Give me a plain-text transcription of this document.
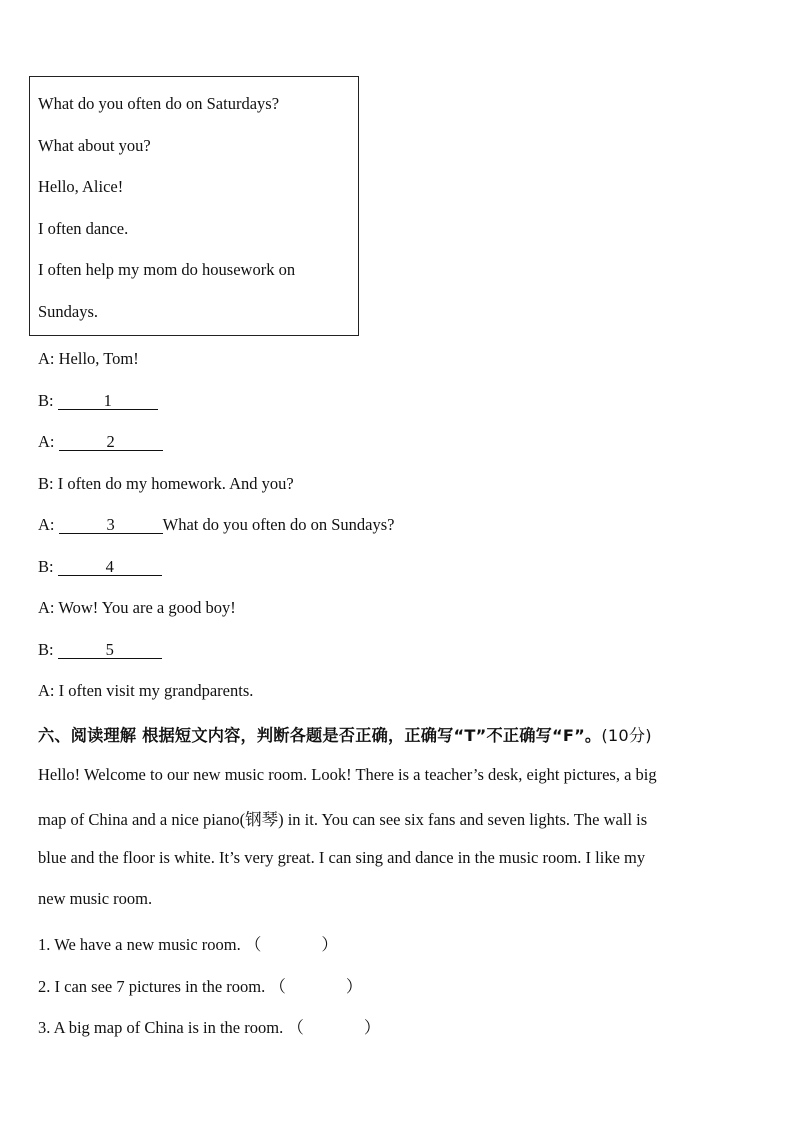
What do you often do on Saturdays?
What about you?
Hello, Alice!
I often dance.
I often help my mom do housework on
Sundays.
A: Hello, Tom!
B:	1
A:	2
B: I often do my homework. And you?
A:	3	What do you often do on Sundays?
B:	4
A: Wow! You are a good boy!
B:	5
A: I often visit my grandparents.
六、阅读理解 根据短文内容，判断各题是否正确，正确写“T”不正确写“F”。(10分)
Hello! Welcome to our new music room. Look! There is a teacher’s desk, eight pictures, a big
map of China and a nice piano(钢琴) in it. You can see six fans and seven lights. The wall is
blue and the floor is white. It’s very great. I can sing and dance in the music room. I like my
new music room.
1. We have a new music room. （	）
2. I can see 7 pictures in the room. （	）
3. A big map of China is in the room. （	）
